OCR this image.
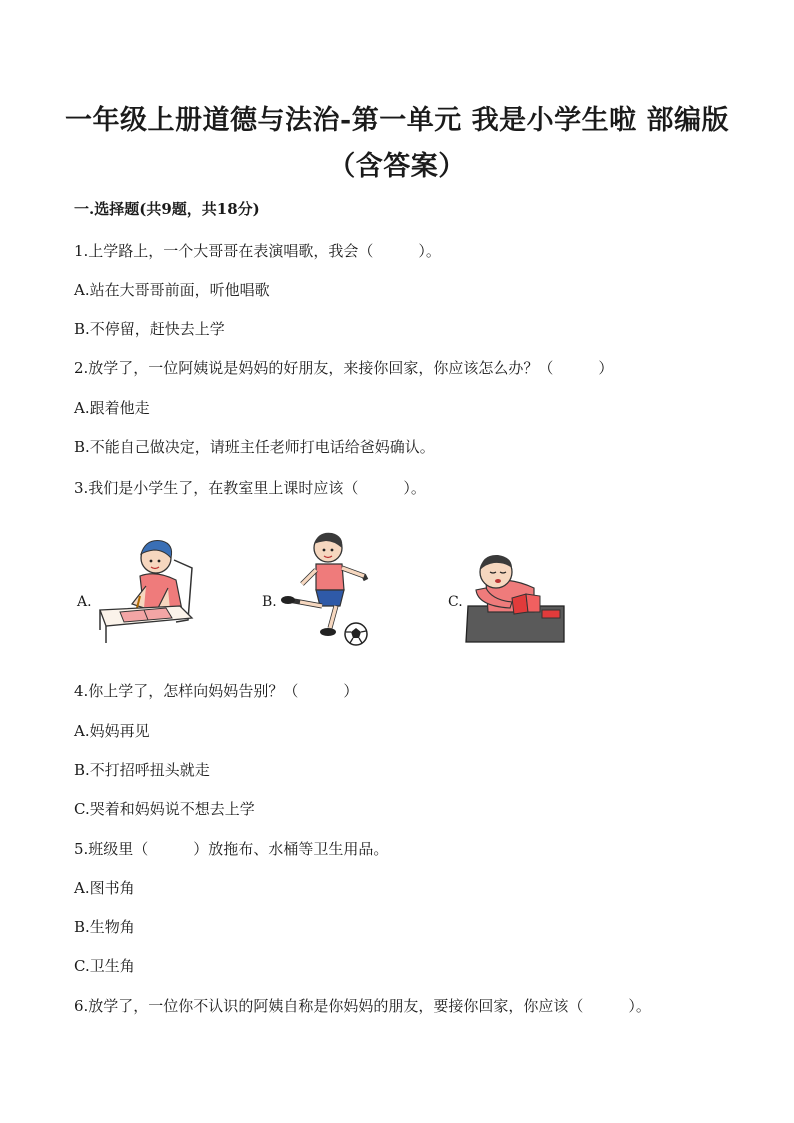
一年级上册道德与法治-第一单元 我是小学生啦 部编版（含答案）
一.选择题(共9题，共18分)
1.上学路上，一个大哥哥在表演唱歌，我会（　　　）。
A.站在大哥哥前面，听他唱歌
B.不停留，赶快去上学
2.放学了，一位阿姨说是妈妈的好朋友，来接你回家，你应该怎么办？（　　　）
A.跟着他走
B.不能自己做决定，请班主任老师打电话给爸妈确认。
3.我们是小学生了，在教室里上课时应该（　　　）。
A.	B.	C.
4.你上学了，怎样向妈妈告别？（　　　）
A.妈妈再见
B.不打招呼扭头就走
C.哭着和妈妈说不想去上学
5.班级里（　　　）放拖布、水桶等卫生用品。
A.图书角
B.生物角
C.卫生角
6.放学了，一位你不认识的阿姨自称是你妈妈的朋友，要接你回家，你应该（　　　）。
